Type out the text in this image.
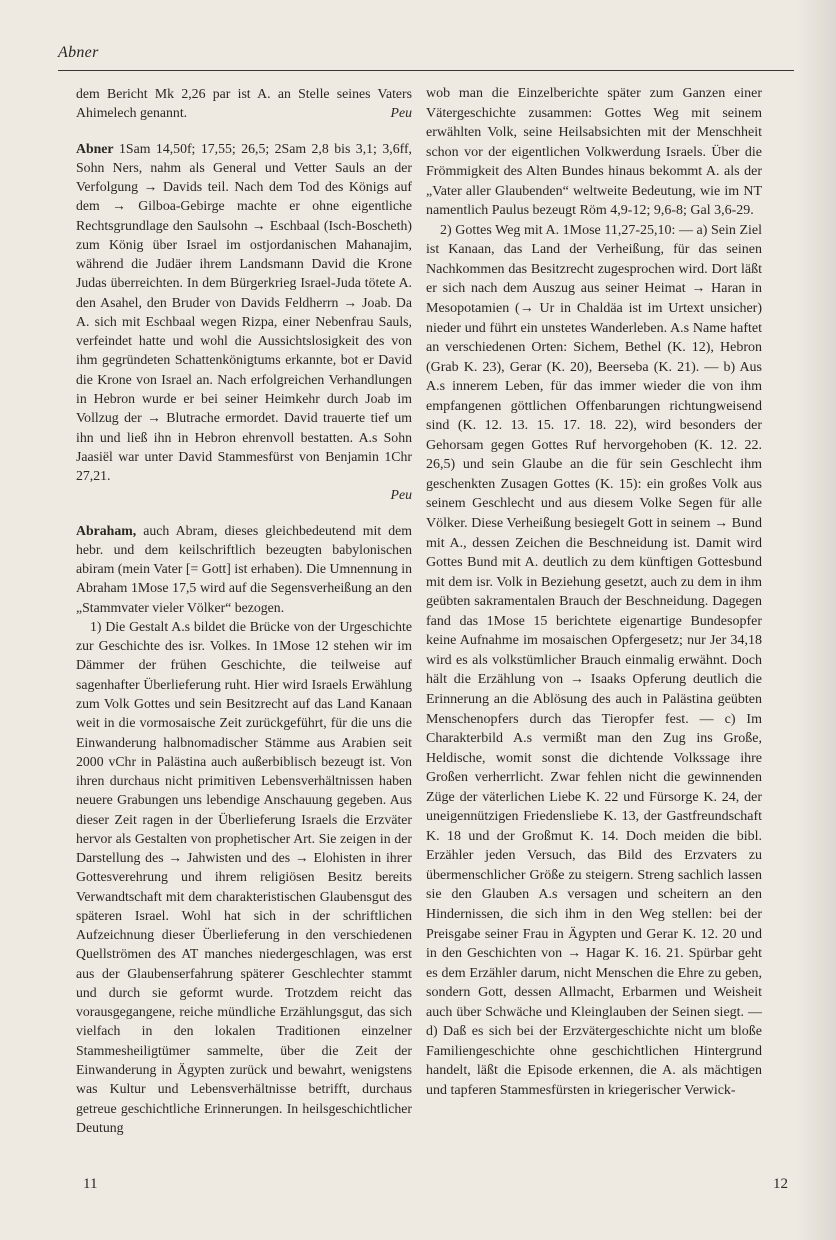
Abner

dem Bericht Mk 2,26 par ist A. an Stelle seines Vaters Ahimelech genannt.	Peu

Abner 1Sam 14,50f; 17,55; 26,5; 2Sam 2,8 bis 3,1; 3,6ff, Sohn Ners, nahm als General und Vetter Sauls an der Verfolgung → Davids teil. Nach dem Tod des Königs auf dem → Gilboa-Gebirge machte er ohne eigentliche Rechtsgrundlage den Saulsohn → Eschbaal (Isch-Boscheth) zum König über Israel im ostjordanischen Mahanajim, während die Judäer ihrem Landsmann David die Krone Judas überreichten. In dem Bürgerkrieg Israel-Juda tötete A. den Asahel, den Bruder von Davids Feldherrn → Joab. Da A. sich mit Eschbaal wegen Rizpa, einer Nebenfrau Sauls, verfeindet hatte und wohl die Aussichtslosigkeit des von ihm gegründeten Schattenkönigtums erkannte, bot er David die Krone von Israel an. Nach erfolgreichen Verhandlungen in Hebron wurde er bei seiner Heimkehr durch Joab im Vollzug der → Blutrache ermordet. David trauerte tief um ihn und ließ ihn in Hebron ehrenvoll bestatten. A.s Sohn Jaasiël war unter David Stammesfürst von Benjamin 1Chr 27,21.
Peu

Abraham, auch Abram, dieses gleichbedeutend mit dem hebr. und dem keilschriftlich bezeugten babylonischen abiram (mein Vater [= Gott] ist erhaben). Die Umnennung in Abraham 1Mose 17,5 wird auf die Segensverheißung an den „Stammvater vieler Völker“ bezogen.

1) Die Gestalt A.s bildet die Brücke von der Urgeschichte zur Geschichte des isr. Volkes. In 1Mose 12 stehen wir im Dämmer der frühen Geschichte, die teilweise auf sagenhafter Überlieferung ruht. Hier wird Israels Erwählung zum Volk Gottes und sein Besitzrecht auf das Land Kanaan weit in die vormosaische Zeit zurückgeführt, für die uns die Einwanderung halbnomadischer Stämme aus Arabien seit 2000 vChr in Palästina auch außerbiblisch bezeugt ist. Von ihren durchaus nicht primitiven Lebensverhältnissen haben neuere Grabungen uns lebendige Anschauung gegeben. Aus dieser Zeit ragen in der Überlieferung Israels die Erzväter hervor als Gestalten von prophetischer Art. Sie zeigen in der Darstellung des → Jahwisten und des → Elohisten in ihrer Gottesverehrung und ihrem religiösen Besitz bereits Verwandtschaft mit dem charakteristischen Glaubensgut des späteren Israel. Wohl hat sich in der schriftlichen Aufzeichnung dieser Überlieferung in den verschiedenen Quellströmen des AT manches niedergeschlagen, was erst aus der Glaubenserfahrung späterer Geschlechter stammt und durch sie geformt wurde. Trotzdem reicht das vorausgegangene, reiche mündliche Erzählungsgut, das sich vielfach in den lokalen Traditionen einzelner Stammesheiligtümer sammelte, über die Zeit der Einwanderung in Ägypten zurück und bewahrt, wenigstens was Kultur und Lebensverhältnisse betrifft, durchaus getreue geschichtliche Erinnerungen. In heilsgeschichtlicher Deutung

wob man die Einzelberichte später zum Ganzen einer Vätergeschichte zusammen: Gottes Weg mit seinem erwählten Volk, seine Heilsabsichten mit der Menschheit schon vor der eigentlichen Volkwerdung Israels. Über die Frömmigkeit des Alten Bundes hinaus bekommt A. als der „Vater aller Glaubenden“ weltweite Bedeutung, wie im NT namentlich Paulus bezeugt Röm 4,9-12; 9,6-8; Gal 3,6-29.

2) Gottes Weg mit A. 1Mose 11,27-25,10: — a) Sein Ziel ist Kanaan, das Land der Verheißung, für das seinen Nachkommen das Besitzrecht zugesprochen wird. Dort läßt er sich nach dem Auszug aus seiner Heimat → Haran in Mesopotamien (→ Ur in Chaldäa ist im Urtext unsicher) nieder und führt ein unstetes Wanderleben. A.s Name haftet an verschiedenen Orten: Sichem, Bethel (K. 12), Hebron (Grab K. 23), Gerar (K. 20), Beerseba (K. 21). — b) Aus A.s innerem Leben, für das immer wieder die von ihm empfangenen göttlichen Offenbarungen richtungweisend sind (K. 12. 13. 15. 17. 18. 22), wird besonders der Gehorsam gegen Gottes Ruf hervorgehoben (K. 12. 22. 26,5) und sein Glaube an die für sein Geschlecht ihm geschenkten Zusagen Gottes (K. 15): ein großes Volk aus seinem Geschlecht und aus diesem Volke Segen für alle Völker. Diese Verheißung besiegelt Gott in seinem → Bund mit A., dessen Zeichen die Beschneidung ist. Damit wird Gottes Bund mit A. deutlich zu dem künftigen Gottesbund mit dem isr. Volk in Beziehung gesetzt, auch zu dem in ihm geübten sakramentalen Brauch der Beschneidung. Dagegen fand das 1Mose 15 berichtete eigenartige Bundesopfer keine Aufnahme im mosaischen Opfergesetz; nur Jer 34,18 wird es als volkstümlicher Brauch einmalig erwähnt. Doch hält die Erzählung von → Isaaks Opferung deutlich die Erinnerung an die Ablösung des auch in Palästina geübten Menschenopfers durch das Tieropfer fest. — c) Im Charakterbild A.s vermißt man den Zug ins Große, Heldische, womit sonst die dichtende Volkssage ihre Großen verherrlicht. Zwar fehlen nicht die gewinnenden Züge der väterlichen Liebe K. 22 und Fürsorge K. 24, der uneigennützigen Friedensliebe K. 13, der Gastfreundschaft K. 18 und der Großmut K. 14. Doch meiden die bibl. Erzähler jeden Versuch, das Bild des Erzvaters zu übermenschlicher Größe zu steigern. Streng sachlich lassen sie den Glauben A.s versagen und scheitern an den Hindernissen, die sich ihm in den Weg stellen: bei der Preisgabe seiner Frau in Ägypten und Gerar K. 12. 20 und in den Geschichten von → Hagar K. 16. 21. Spürbar geht es dem Erzähler darum, nicht Menschen die Ehre zu geben, sondern Gott, dessen Allmacht, Erbarmen und Weisheit auch über Schwäche und Kleinglauben der Seinen siegt. — d) Daß es sich bei der Erzvätergeschichte nicht um bloße Familiengeschichte ohne geschichtlichen Hintergrund handelt, läßt die Episode erkennen, die A. als mächtigen und tapferen Stammesfürsten in kriegerischer Verwick-

11	12
